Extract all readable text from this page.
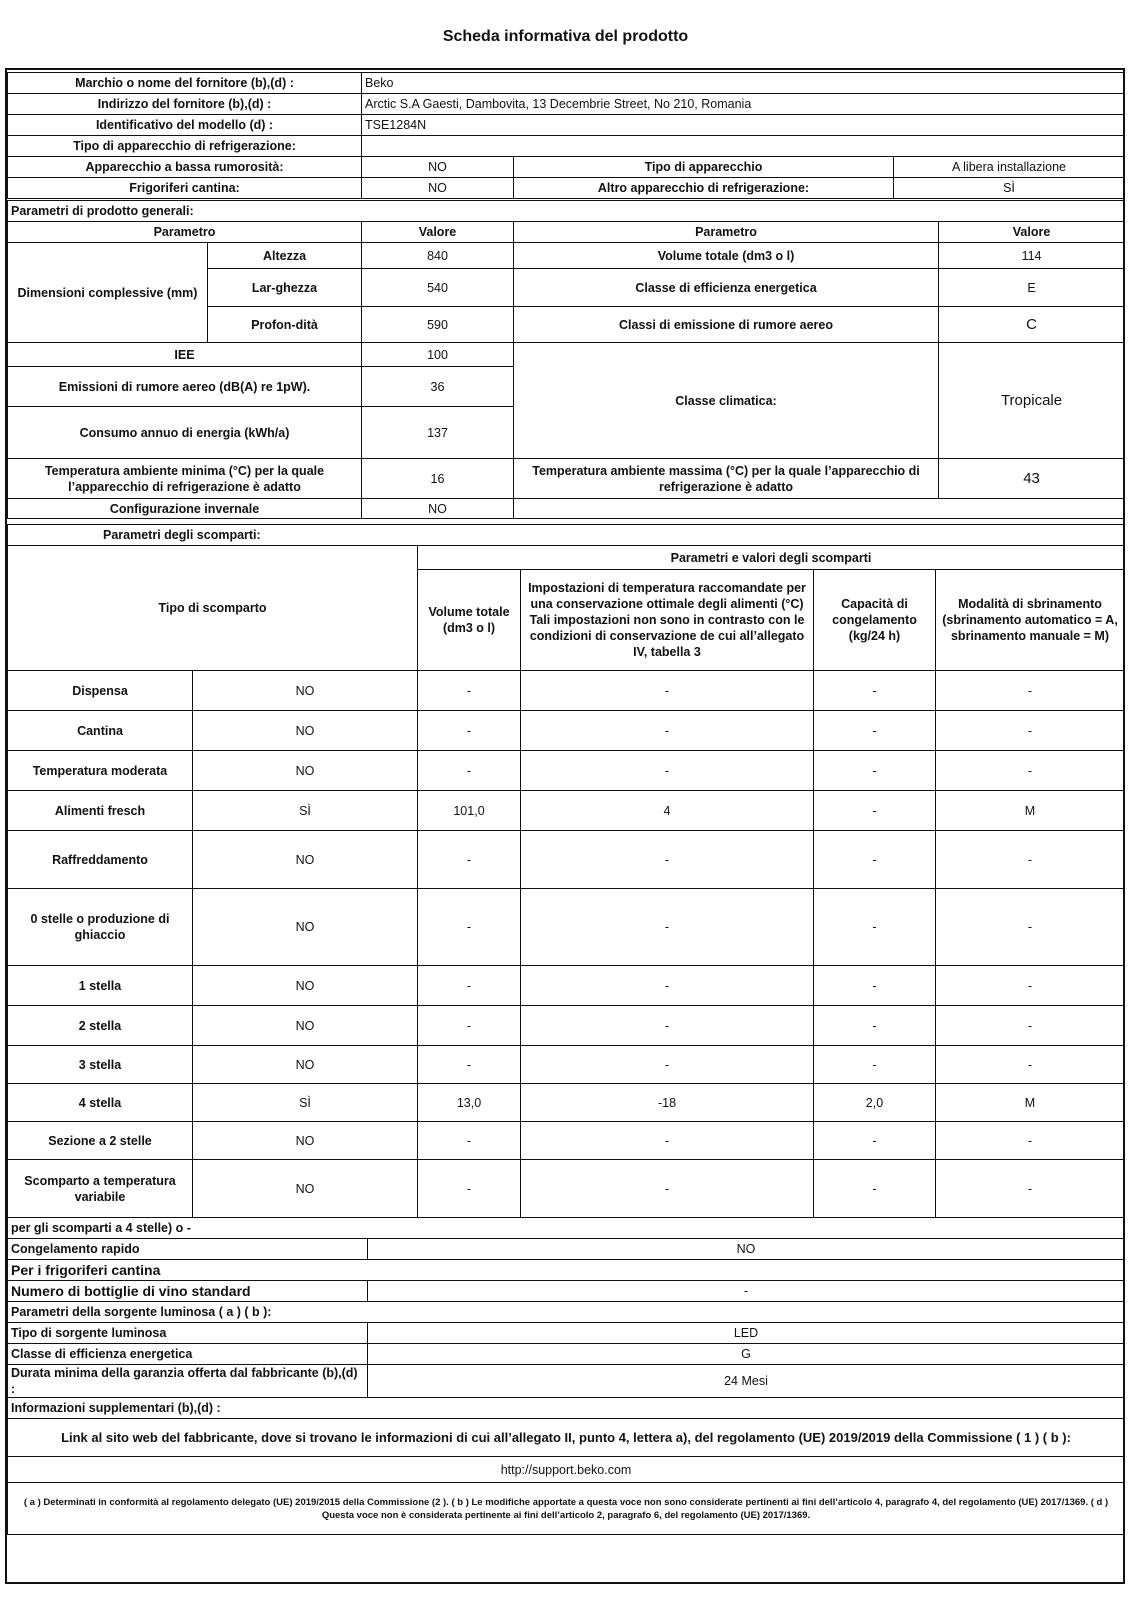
Scheda informativa del prodotto
Marchio o nome del fornitore (b),(d) :	Beko		
Indirizzo del fornitore (b),(d) :	Arctic S.A Gaesti, Dambovita, 13 Decembrie Street, No 210, Romania		
Identificativo del modello (d) :	TSE1284N		
Tipo di apparecchio di refrigerazione:			
Apparecchio a bassa rumorosità:	NO	Tipo di apparecchio	A libera installazione
Frigoriferi cantina:	NO	Altro apparecchio di refrigerazione:	SÌ
Parametri di prodotto generali:				
Parametro		Valore	Parametro	Valore
Dimensioni complessive (mm)	Altezza	840	Volume totale (dm3 o l)	114
	Lar-ghezza	540	Classe di efficienza energetica	E
	Profon-dità	590	Classi di emissione di rumore aereo	C
IEE		100	Classe climatica:	Tropicale
Emissioni di rumore aereo (dB(A) re 1pW).		36		
Consumo annuo di energia (kWh/a)		137		
Temperatura ambiente minima (°C) per la quale l’apparecchio di refrigerazione è adatto		16	Temperatura ambiente massima (°C) per la quale l’apparecchio di refrigerazione è adatto	43
Configurazione invernale		NO		
Parametri degli scomparti:					
Tipo di scomparto		Parametri e valori degli scomparti			
		Volume totale (dm3 o l)	Impostazioni di temperatura raccomandate per una conservazione ottimale degli alimenti (°C) Tali impostazioni non sono in contrasto con le condizioni di conservazione de cui all’allegato IV, tabella 3	Capacità di congelamento (kg/24 h)	Modalità di sbrinamento (sbrinamento automatico = A, sbrinamento manuale = M)
Dispensa	NO	-	-	-	-
Cantina	NO	-	-	-	-
Temperatura moderata	NO	-	-	-	-
Alimenti fresch	SÌ	101,0	4	-	M
Raffreddamento	NO	-	-	-	-
0 stelle o produzione di ghiaccio	NO	-	-	-	-
1 stella	NO	-	-	-	-
2 stella	NO	-	-	-	-
3 stella	NO	-	-	-	-
4 stella	SÌ	13,0	-18	2,0	M
Sezione a 2 stelle	NO	-	-	-	-
Scomparto a temperatura variabile	NO	-	-	-	-
per gli scomparti a 4 stelle) o -	
Congelamento rapido	NO
Per i frigoriferi cantina	
Numero di bottiglie di vino standard	-
Parametri della sorgente luminosa ( a ) ( b ):	
Tipo di sorgente luminosa	LED
Classe di efficienza energetica	G
Durata minima della garanzia offerta dal fabbricante (b),(d) :	24 Mesi
Informazioni supplementari (b),(d) :	
Link al sito web del fabbricante, dove si trovano le informazioni di cui all’allegato II, punto 4, lettera a), del regolamento (UE) 2019/2019 della Commissione ( 1 ) ( b ):	
http://support.beko.com	
( a ) Determinati in conformità al regolamento delegato (UE) 2019/2015 della Commissione (2 ). ( b ) Le modifiche apportate a questa voce non sono considerate pertinenti ai fini dell’articolo 4, paragrafo 4, del regolamento (UE) 2017/1369. ( d ) Questa voce non è considerata pertinente ai fini dell’articolo 2, paragrafo 6, del regolamento (UE) 2017/1369.	
